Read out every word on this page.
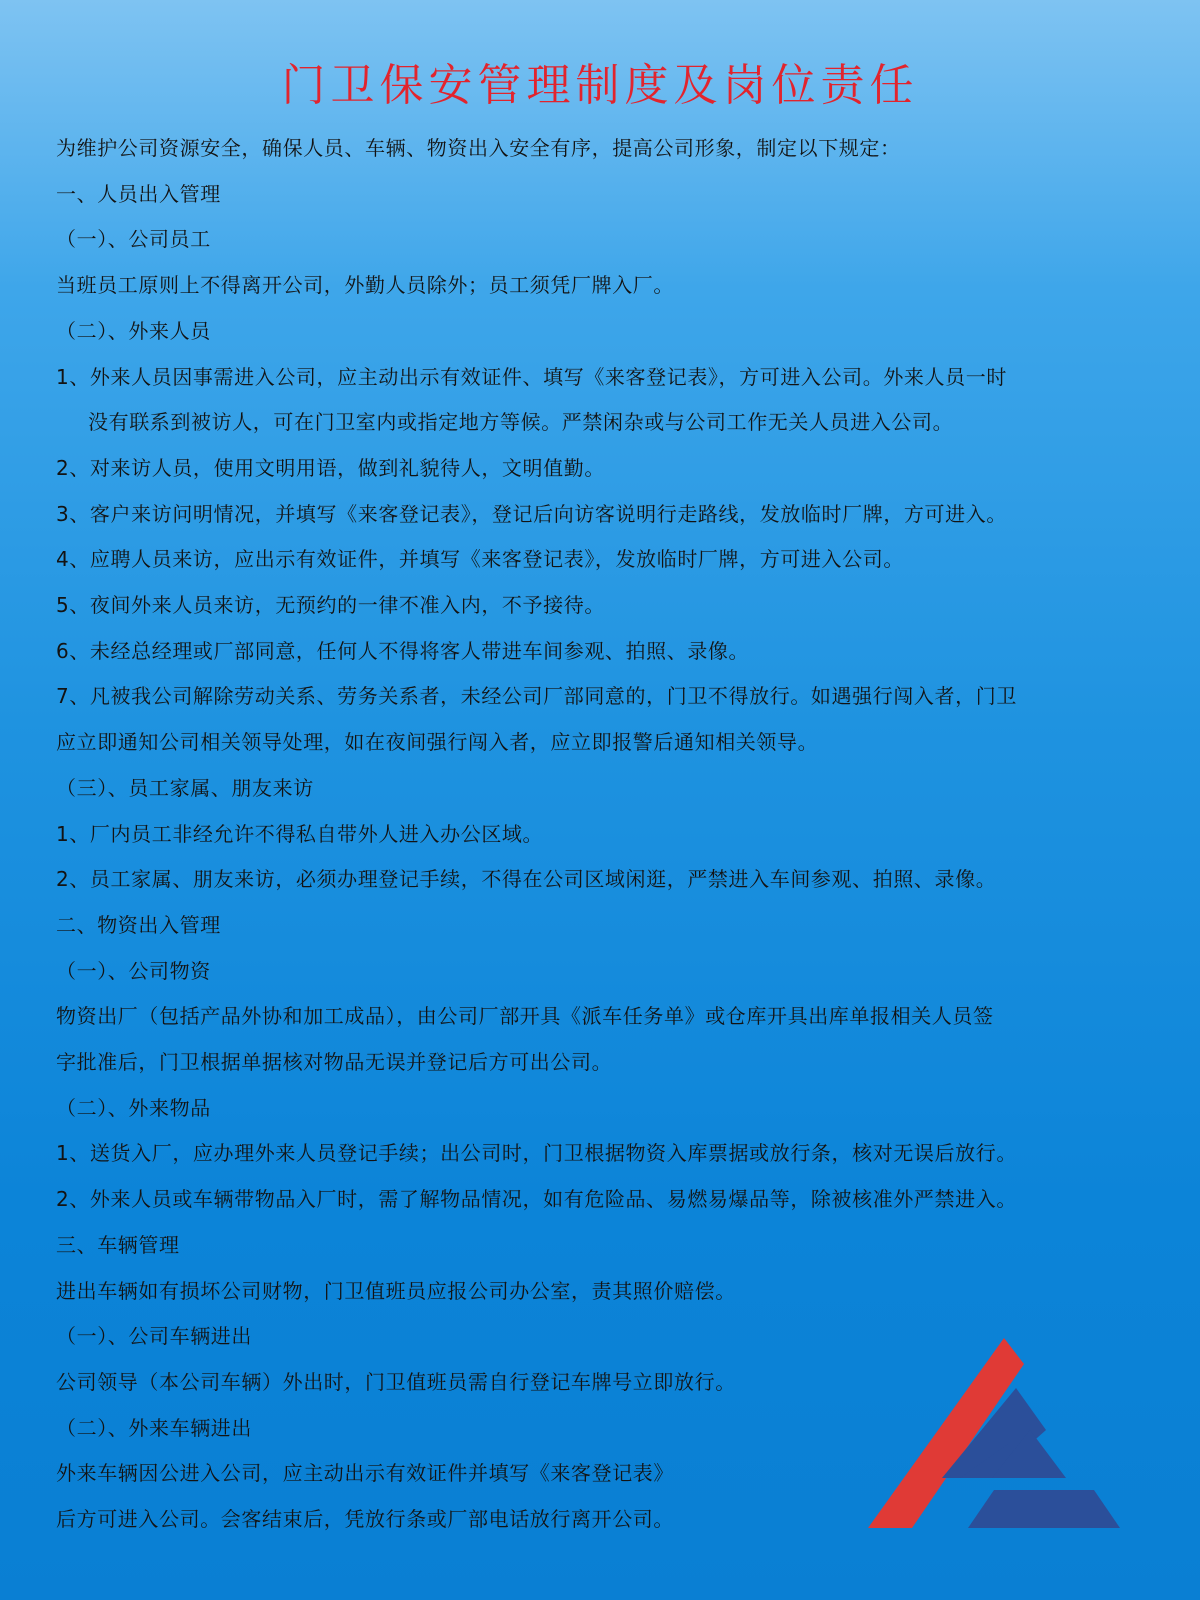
门卫保安管理制度及岗位责任
为维护公司资源安全，确保人员、车辆、物资出入安全有序，提高公司形象，制定以下规定：
一、人员出入管理
（一）、公司员工
当班员工原则上不得离开公司，外勤人员除外；员工须凭厂牌入厂。
（二）、外来人员
1、外来人员因事需进入公司，应主动出示有效证件、填写《来客登记表》，方可进入公司。外来人员一时
没有联系到被访人，可在门卫室内或指定地方等候。严禁闲杂或与公司工作无关人员进入公司。
2、对来访人员，使用文明用语，做到礼貌待人，文明值勤。
3、客户来访问明情况，并填写《来客登记表》，登记后向访客说明行走路线，发放临时厂牌，方可进入。
4、应聘人员来访，应出示有效证件，并填写《来客登记表》，发放临时厂牌，方可进入公司。
5、夜间外来人员来访，无预约的一律不准入内，不予接待。
6、未经总经理或厂部同意，任何人不得将客人带进车间参观、拍照、录像。
7、凡被我公司解除劳动关系、劳务关系者，未经公司厂部同意的，门卫不得放行。如遇强行闯入者，门卫
应立即通知公司相关领导处理，如在夜间强行闯入者，应立即报警后通知相关领导。
（三）、员工家属、朋友来访
1、厂内员工非经允许不得私自带外人进入办公区域。
2、员工家属、朋友来访，必须办理登记手续，不得在公司区域闲逛，严禁进入车间参观、拍照、录像。
二、物资出入管理
（一）、公司物资
物资出厂（包括产品外协和加工成品），由公司厂部开具《派车任务单》或仓库开具出库单报相关人员签
字批准后，门卫根据单据核对物品无误并登记后方可出公司。
（二）、外来物品
1、送货入厂，应办理外来人员登记手续；出公司时，门卫根据物资入库票据或放行条，核对无误后放行。
2、外来人员或车辆带物品入厂时，需了解物品情况，如有危险品、易燃易爆品等，除被核准外严禁进入。
三、车辆管理
进出车辆如有损坏公司财物，门卫值班员应报公司办公室，责其照价赔偿。
（一）、公司车辆进出
公司领导（本公司车辆）外出时，门卫值班员需自行登记车牌号立即放行。
（二）、外来车辆进出
外来车辆因公进入公司，应主动出示有效证件并填写《来客登记表》
后方可进入公司。会客结束后，凭放行条或厂部电话放行离开公司。
